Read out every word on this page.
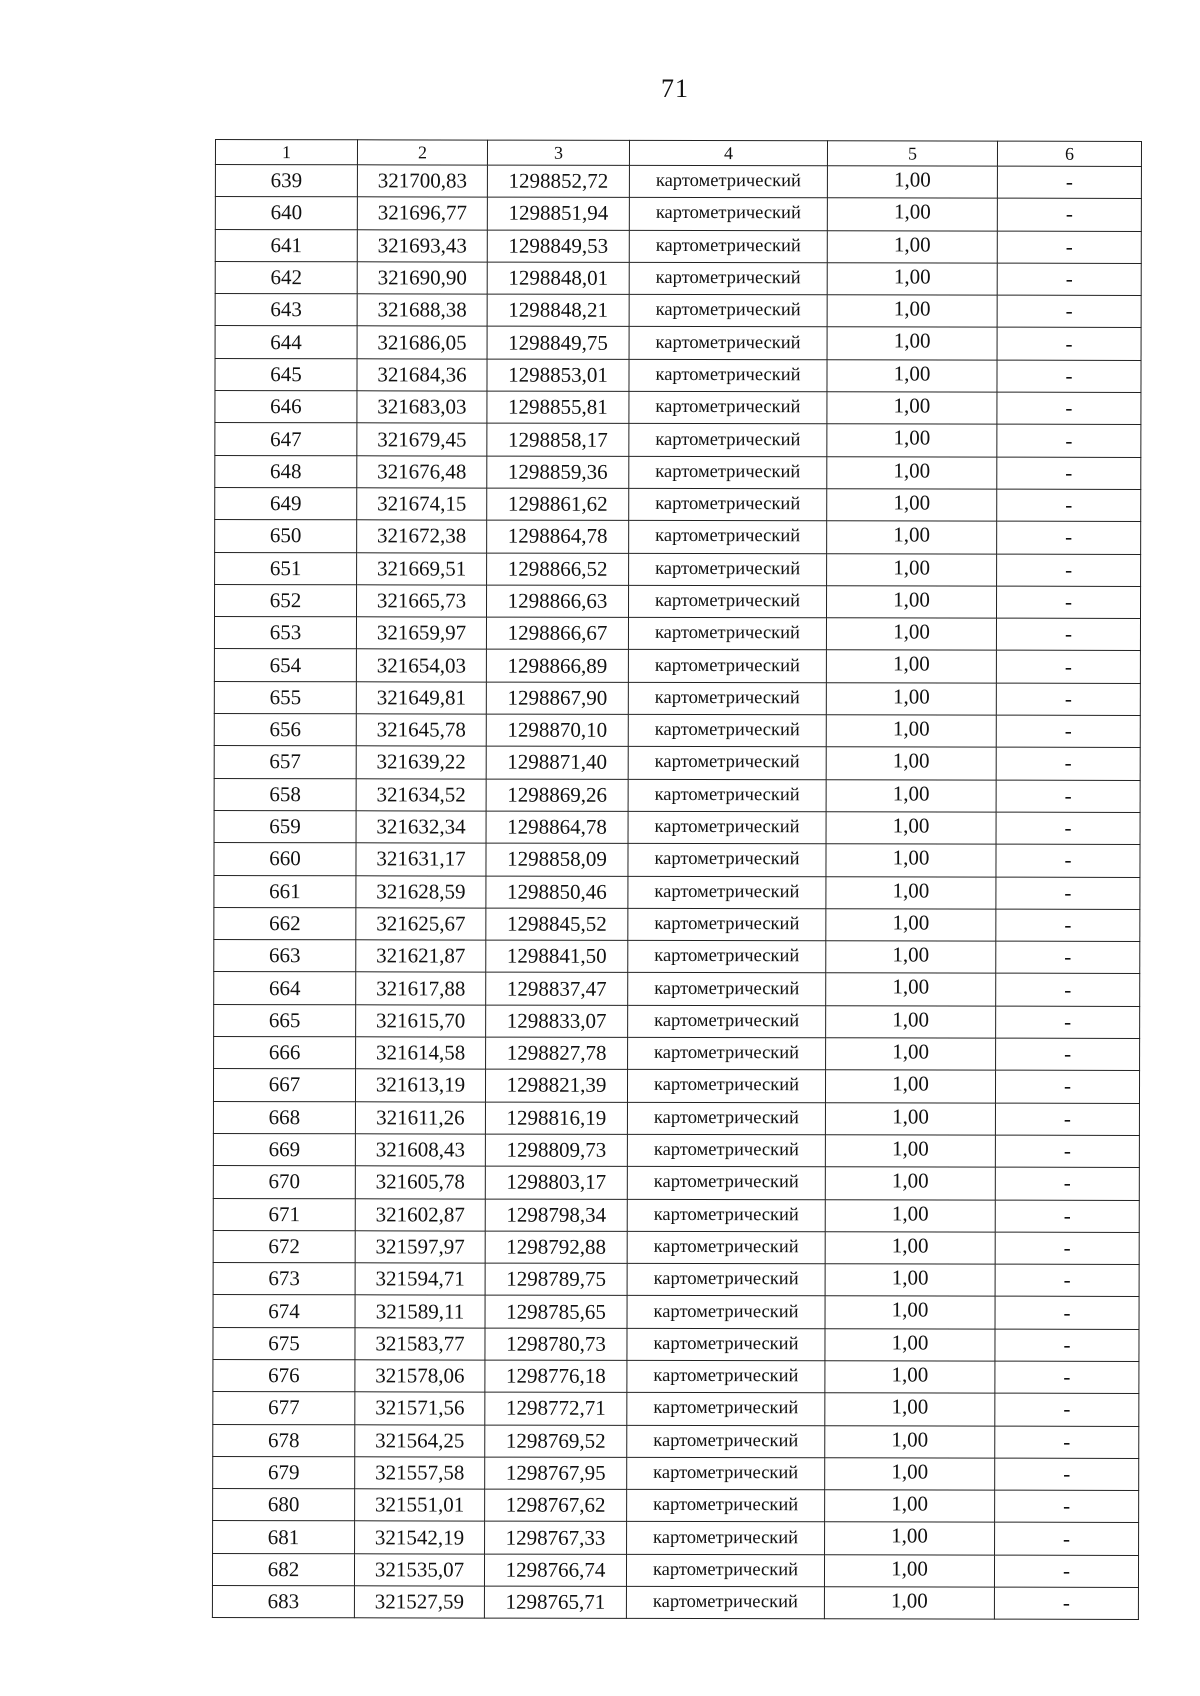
71
1	2	3	4	5	6
639	321700,83	1298852,72	картометрический	1,00	-
640	321696,77	1298851,94	картометрический	1,00	-
641	321693,43	1298849,53	картометрический	1,00	-
642	321690,90	1298848,01	картометрический	1,00	-
643	321688,38	1298848,21	картометрический	1,00	-
644	321686,05	1298849,75	картометрический	1,00	-
645	321684,36	1298853,01	картометрический	1,00	-
646	321683,03	1298855,81	картометрический	1,00	-
647	321679,45	1298858,17	картометрический	1,00	-
648	321676,48	1298859,36	картометрический	1,00	-
649	321674,15	1298861,62	картометрический	1,00	-
650	321672,38	1298864,78	картометрический	1,00	-
651	321669,51	1298866,52	картометрический	1,00	-
652	321665,73	1298866,63	картометрический	1,00	-
653	321659,97	1298866,67	картометрический	1,00	-
654	321654,03	1298866,89	картометрический	1,00	-
655	321649,81	1298867,90	картометрический	1,00	-
656	321645,78	1298870,10	картометрический	1,00	-
657	321639,22	1298871,40	картометрический	1,00	-
658	321634,52	1298869,26	картометрический	1,00	-
659	321632,34	1298864,78	картометрический	1,00	-
660	321631,17	1298858,09	картометрический	1,00	-
661	321628,59	1298850,46	картометрический	1,00	-
662	321625,67	1298845,52	картометрический	1,00	-
663	321621,87	1298841,50	картометрический	1,00	-
664	321617,88	1298837,47	картометрический	1,00	-
665	321615,70	1298833,07	картометрический	1,00	-
666	321614,58	1298827,78	картометрический	1,00	-
667	321613,19	1298821,39	картометрический	1,00	-
668	321611,26	1298816,19	картометрический	1,00	-
669	321608,43	1298809,73	картометрический	1,00	-
670	321605,78	1298803,17	картометрический	1,00	-
671	321602,87	1298798,34	картометрический	1,00	-
672	321597,97	1298792,88	картометрический	1,00	-
673	321594,71	1298789,75	картометрический	1,00	-
674	321589,11	1298785,65	картометрический	1,00	-
675	321583,77	1298780,73	картометрический	1,00	-
676	321578,06	1298776,18	картометрический	1,00	-
677	321571,56	1298772,71	картометрический	1,00	-
678	321564,25	1298769,52	картометрический	1,00	-
679	321557,58	1298767,95	картометрический	1,00	-
680	321551,01	1298767,62	картометрический	1,00	-
681	321542,19	1298767,33	картометрический	1,00	-
682	321535,07	1298766,74	картометрический	1,00	-
683	321527,59	1298765,71	картометрический	1,00	-
